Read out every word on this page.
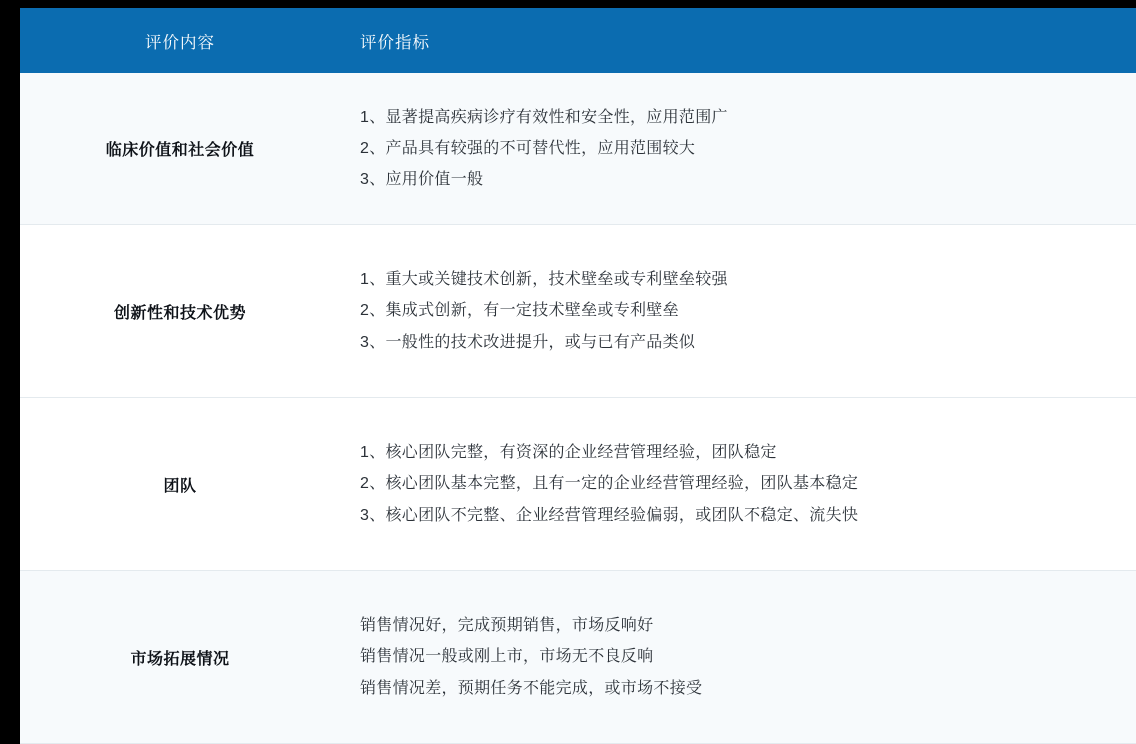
评价内容	评价指标
临床价值和社会价值	1、显著提高疾病诊疗有效性和安全性，应用范围广
2、产品具有较强的不可替代性，应用范围较大
3、应用价值一般

创新性和技术优势	1、重大或关键技术创新，技术壁垒或专利壁垒较强
2、集成式创新，有一定技术壁垒或专利壁垒
3、一般性的技术改进提升，或与已有产品类似

团队	1、核心团队完整，有资深的企业经营管理经验，团队稳定
2、核心团队基本完整，且有一定的企业经营管理经验，团队基本稳定
3、核心团队不完整、企业经营管理经验偏弱，或团队不稳定、流失快

市场拓展情况	销售情况好，完成预期销售，市场反响好
销售情况一般或刚上市，市场无不良反响
销售情况差，预期任务不能完成，或市场不接受
